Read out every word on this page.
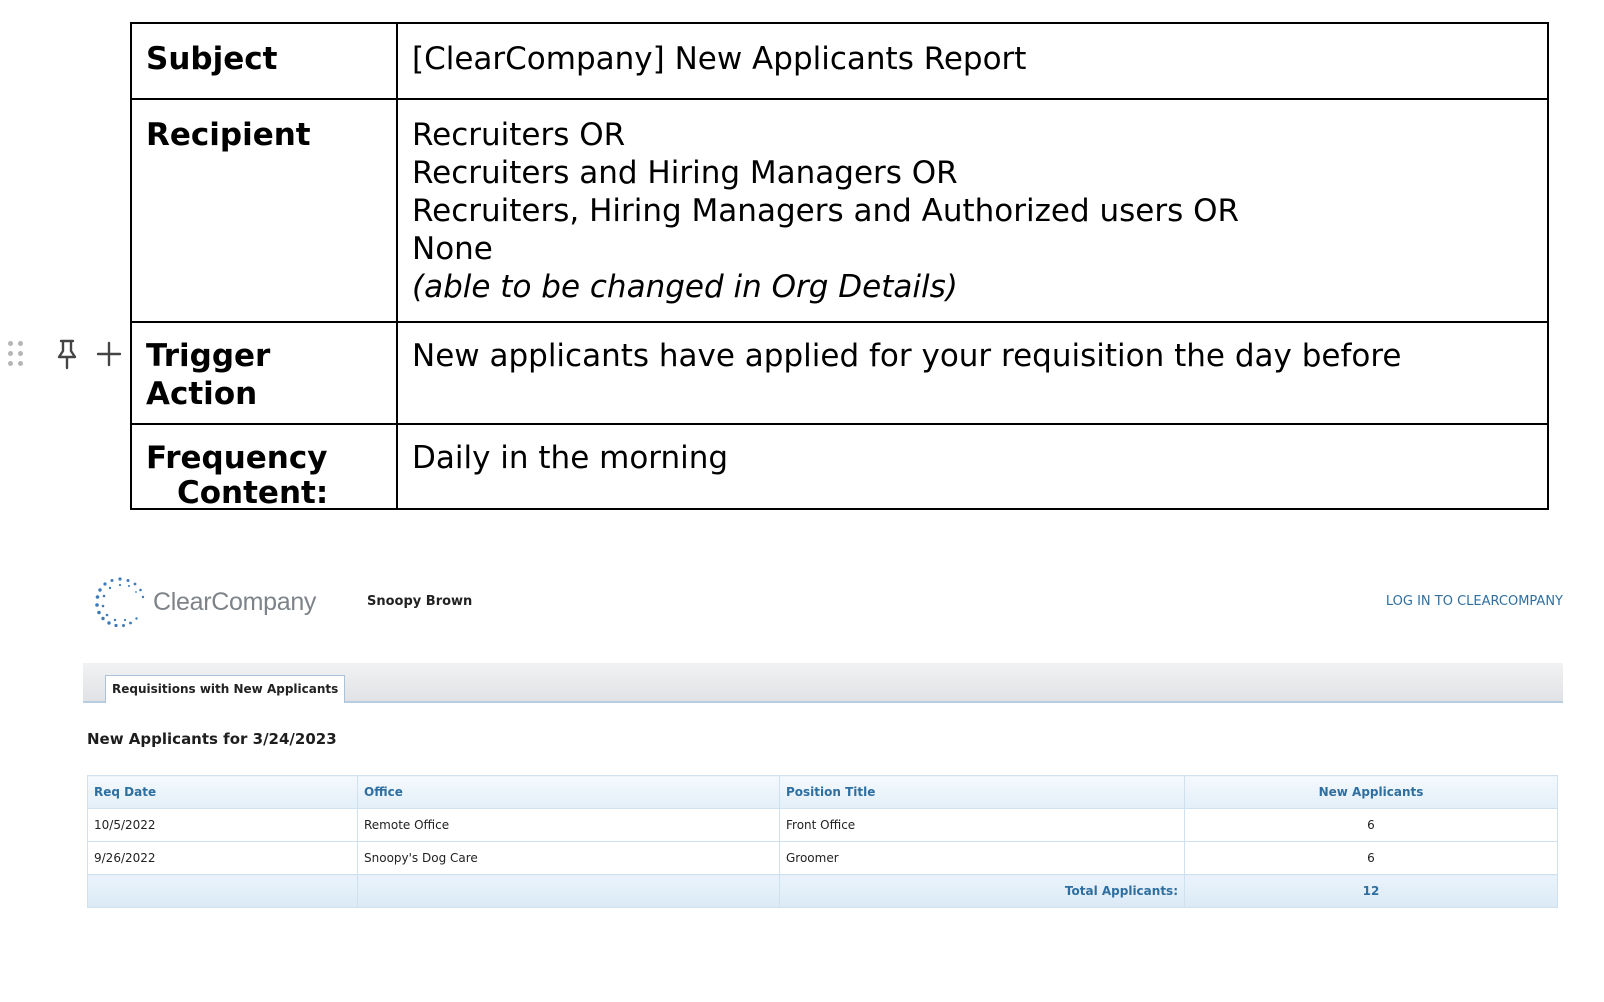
Subject	[ClearCompany] New Applicants Report
Recipient	Recruiters OR
Recruiters and Hiring Managers OR
Recruiters, Hiring Managers and Authorized users OR
None
(able to be changed in Org Details)

Trigger Action	New applicants have applied for your requisition the day before
Frequency	Daily in the morning
Content:
ClearCompany	Snoopy Brown	LOG IN TO CLEARCOMPANY
Requisitions with New Applicants
New Applicants for 3/24/2023
Req Date	Office	Position Title	New Applicants
10/5/2022	Remote Office	Front Office	6
9/26/2022	Snoopy's Dog Care	Groomer	6
		Total Applicants:	12
